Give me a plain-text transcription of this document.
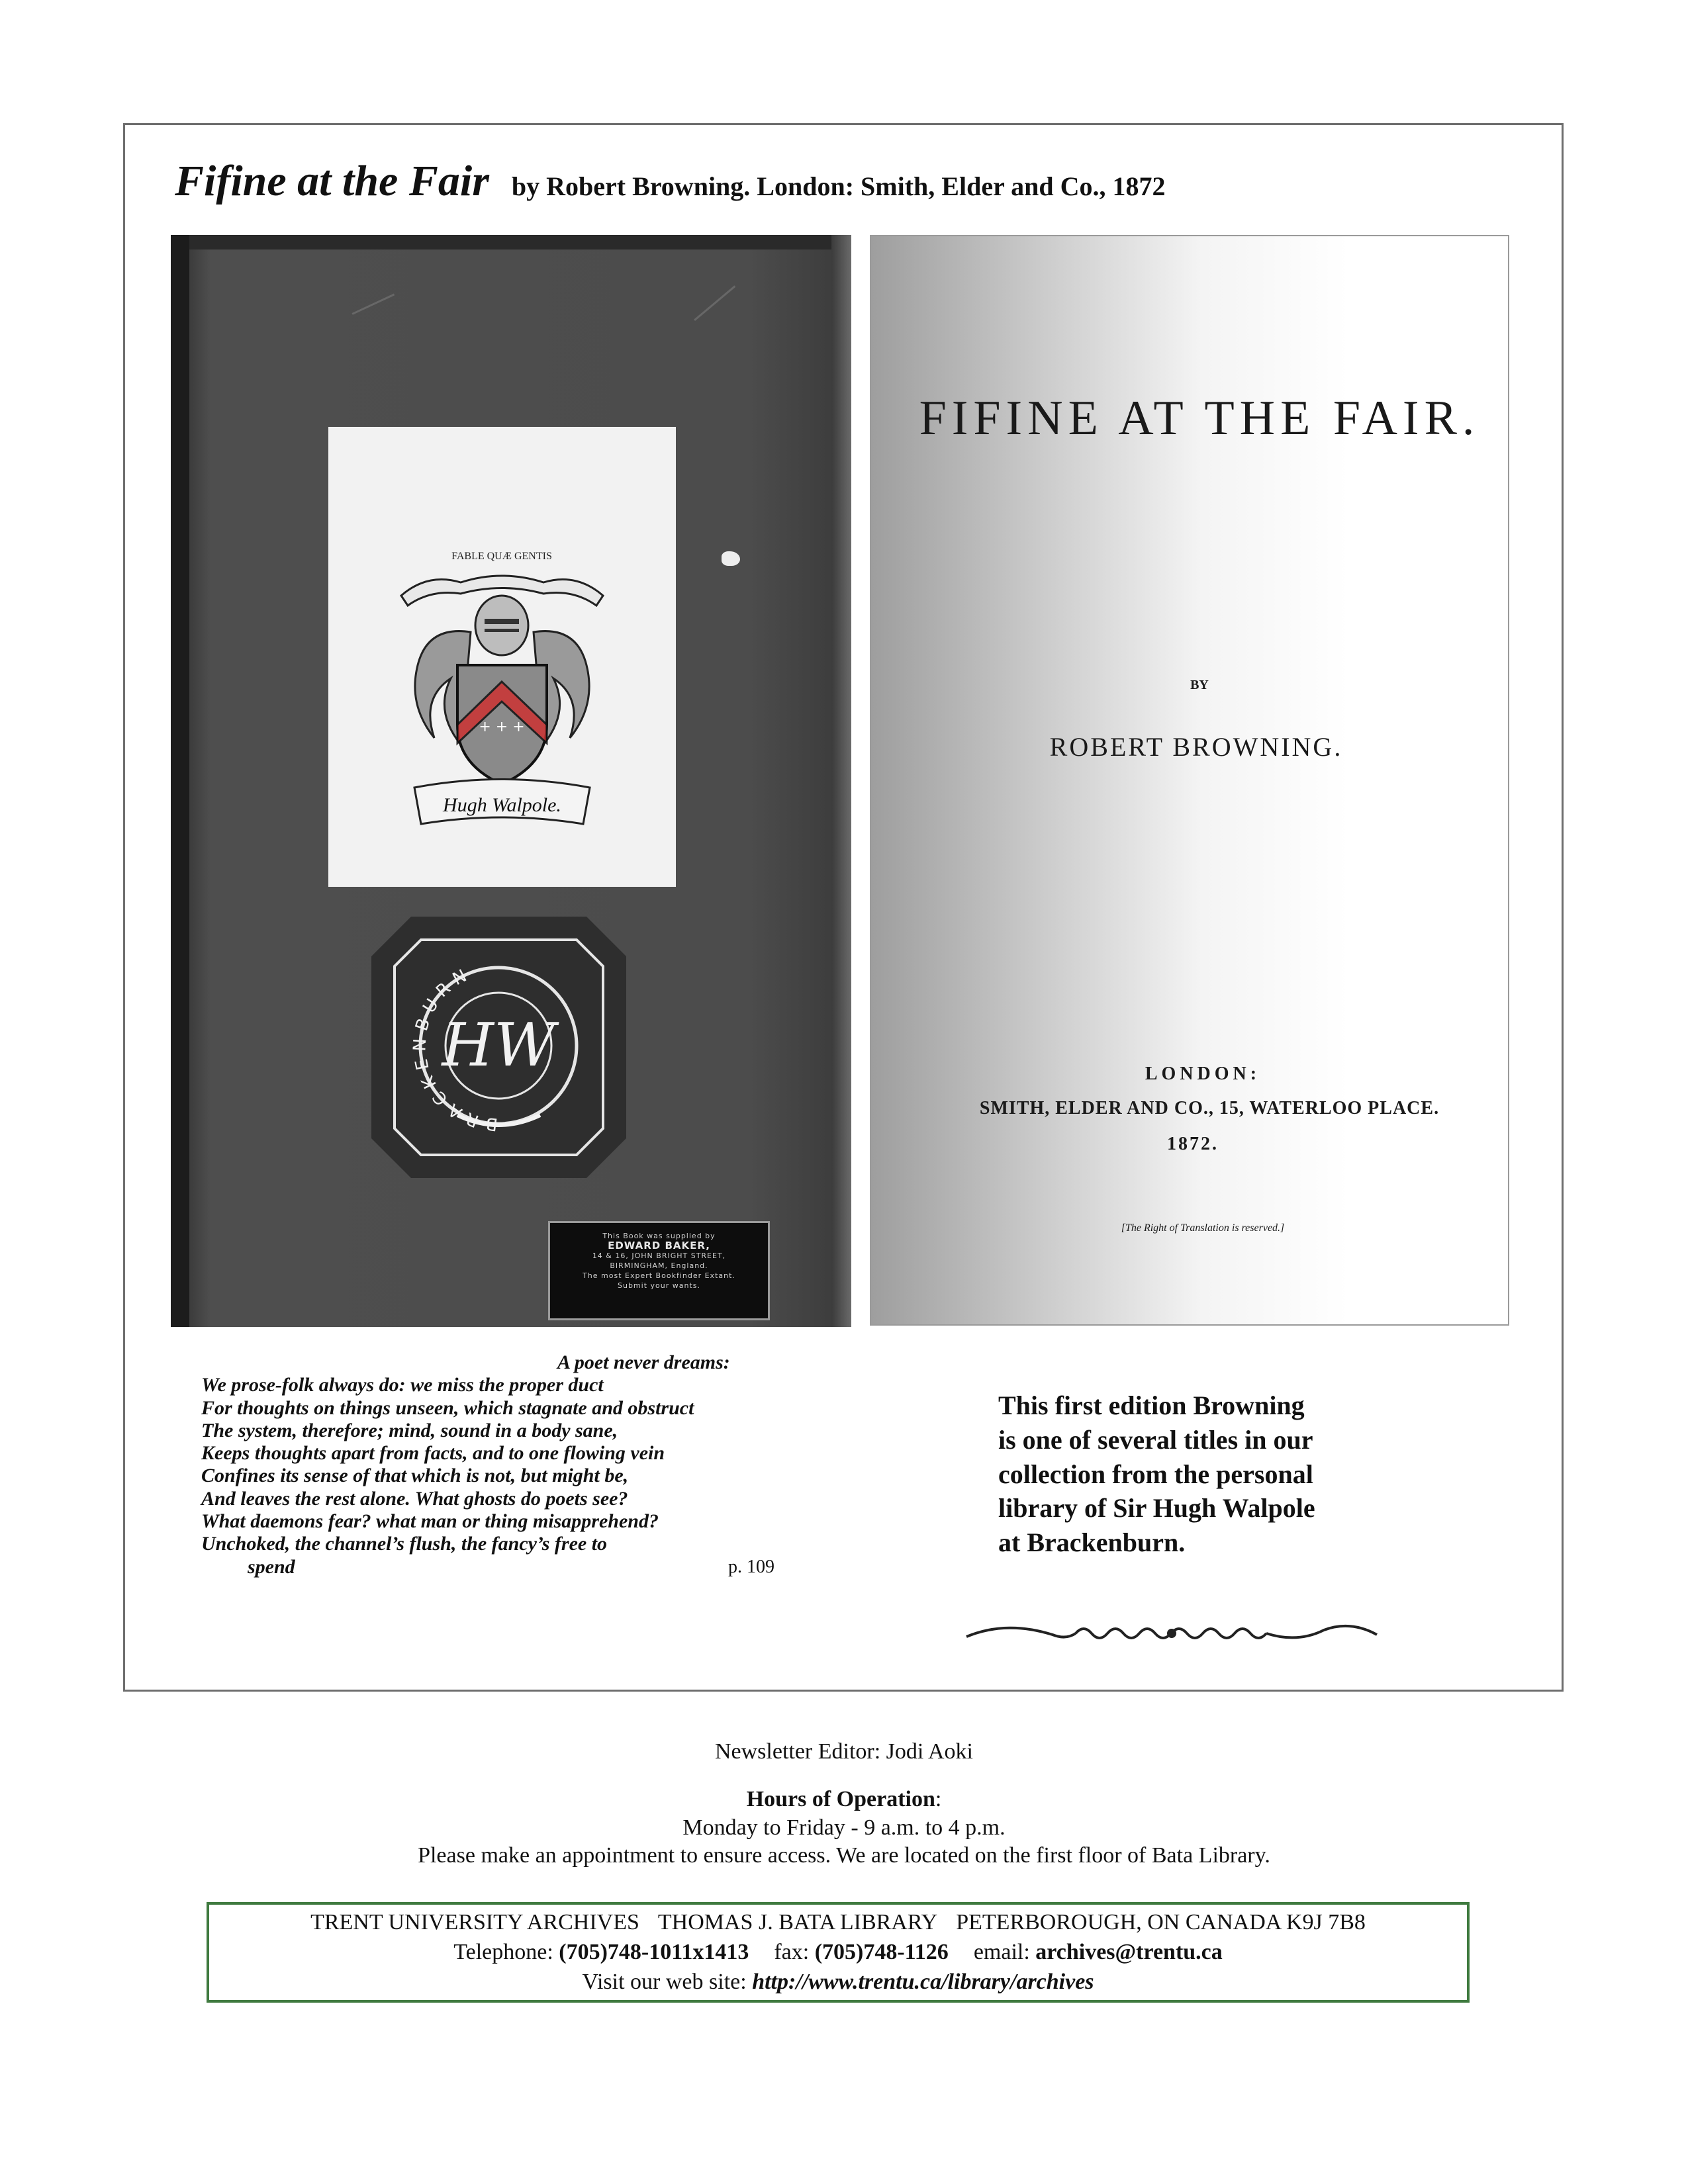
Fifine at the Fair by Robert Browning. London: Smith, Elder and Co., 1872
FABLE QUÆ GENTIS
+ + +
Hugh Walpole.
BRACKENBURN
HW
This Book was supplied by
EDWARD BAKER,
14 & 16, JOHN BRIGHT STREET,
BIRMINGHAM, England.
The most Expert Bookfinder Extant.
Submit your wants.
FIFINE AT THE FAIR.
BY
ROBERT BROWNING.
LONDON:
SMITH, ELDER AND CO., 15, WATERLOO PLACE.
1872.
[The Right of Translation is reserved.]
A poet never dreams:
We prose-folk always do: we miss the proper duct
For thoughts on things unseen, which stagnate and obstruct
The system, therefore; mind, sound in a body sane,
Keeps thoughts apart from facts, and to one flowing vein
Confines its sense of that which is not, but might be,
And leaves the rest alone. What ghosts do poets see?
What daemons fear? what man or thing misapprehend?
Unchoked, the channel’s flush, the fancy’s free to
spend	p. 109
This first edition Browning
is one of several titles in our
collection from the personal
library of Sir Hugh Walpole
at Brackenburn.
Newsletter Editor: Jodi Aoki
Hours of Operation:
Monday to Friday - 9 a.m. to 4 p.m.
Please make an appointment to ensure access. We are located on the first floor of Bata Library.
TRENT UNIVERSITY ARCHIVES THOMAS J. BATA LIBRARY PETERBOROUGH, ON CANADA K9J 7B8
Telephone: (705)748-1011x1413 fax: (705)748-1126 email: archives@trentu.ca
Visit our web site: http://www.trentu.ca/library/archives
